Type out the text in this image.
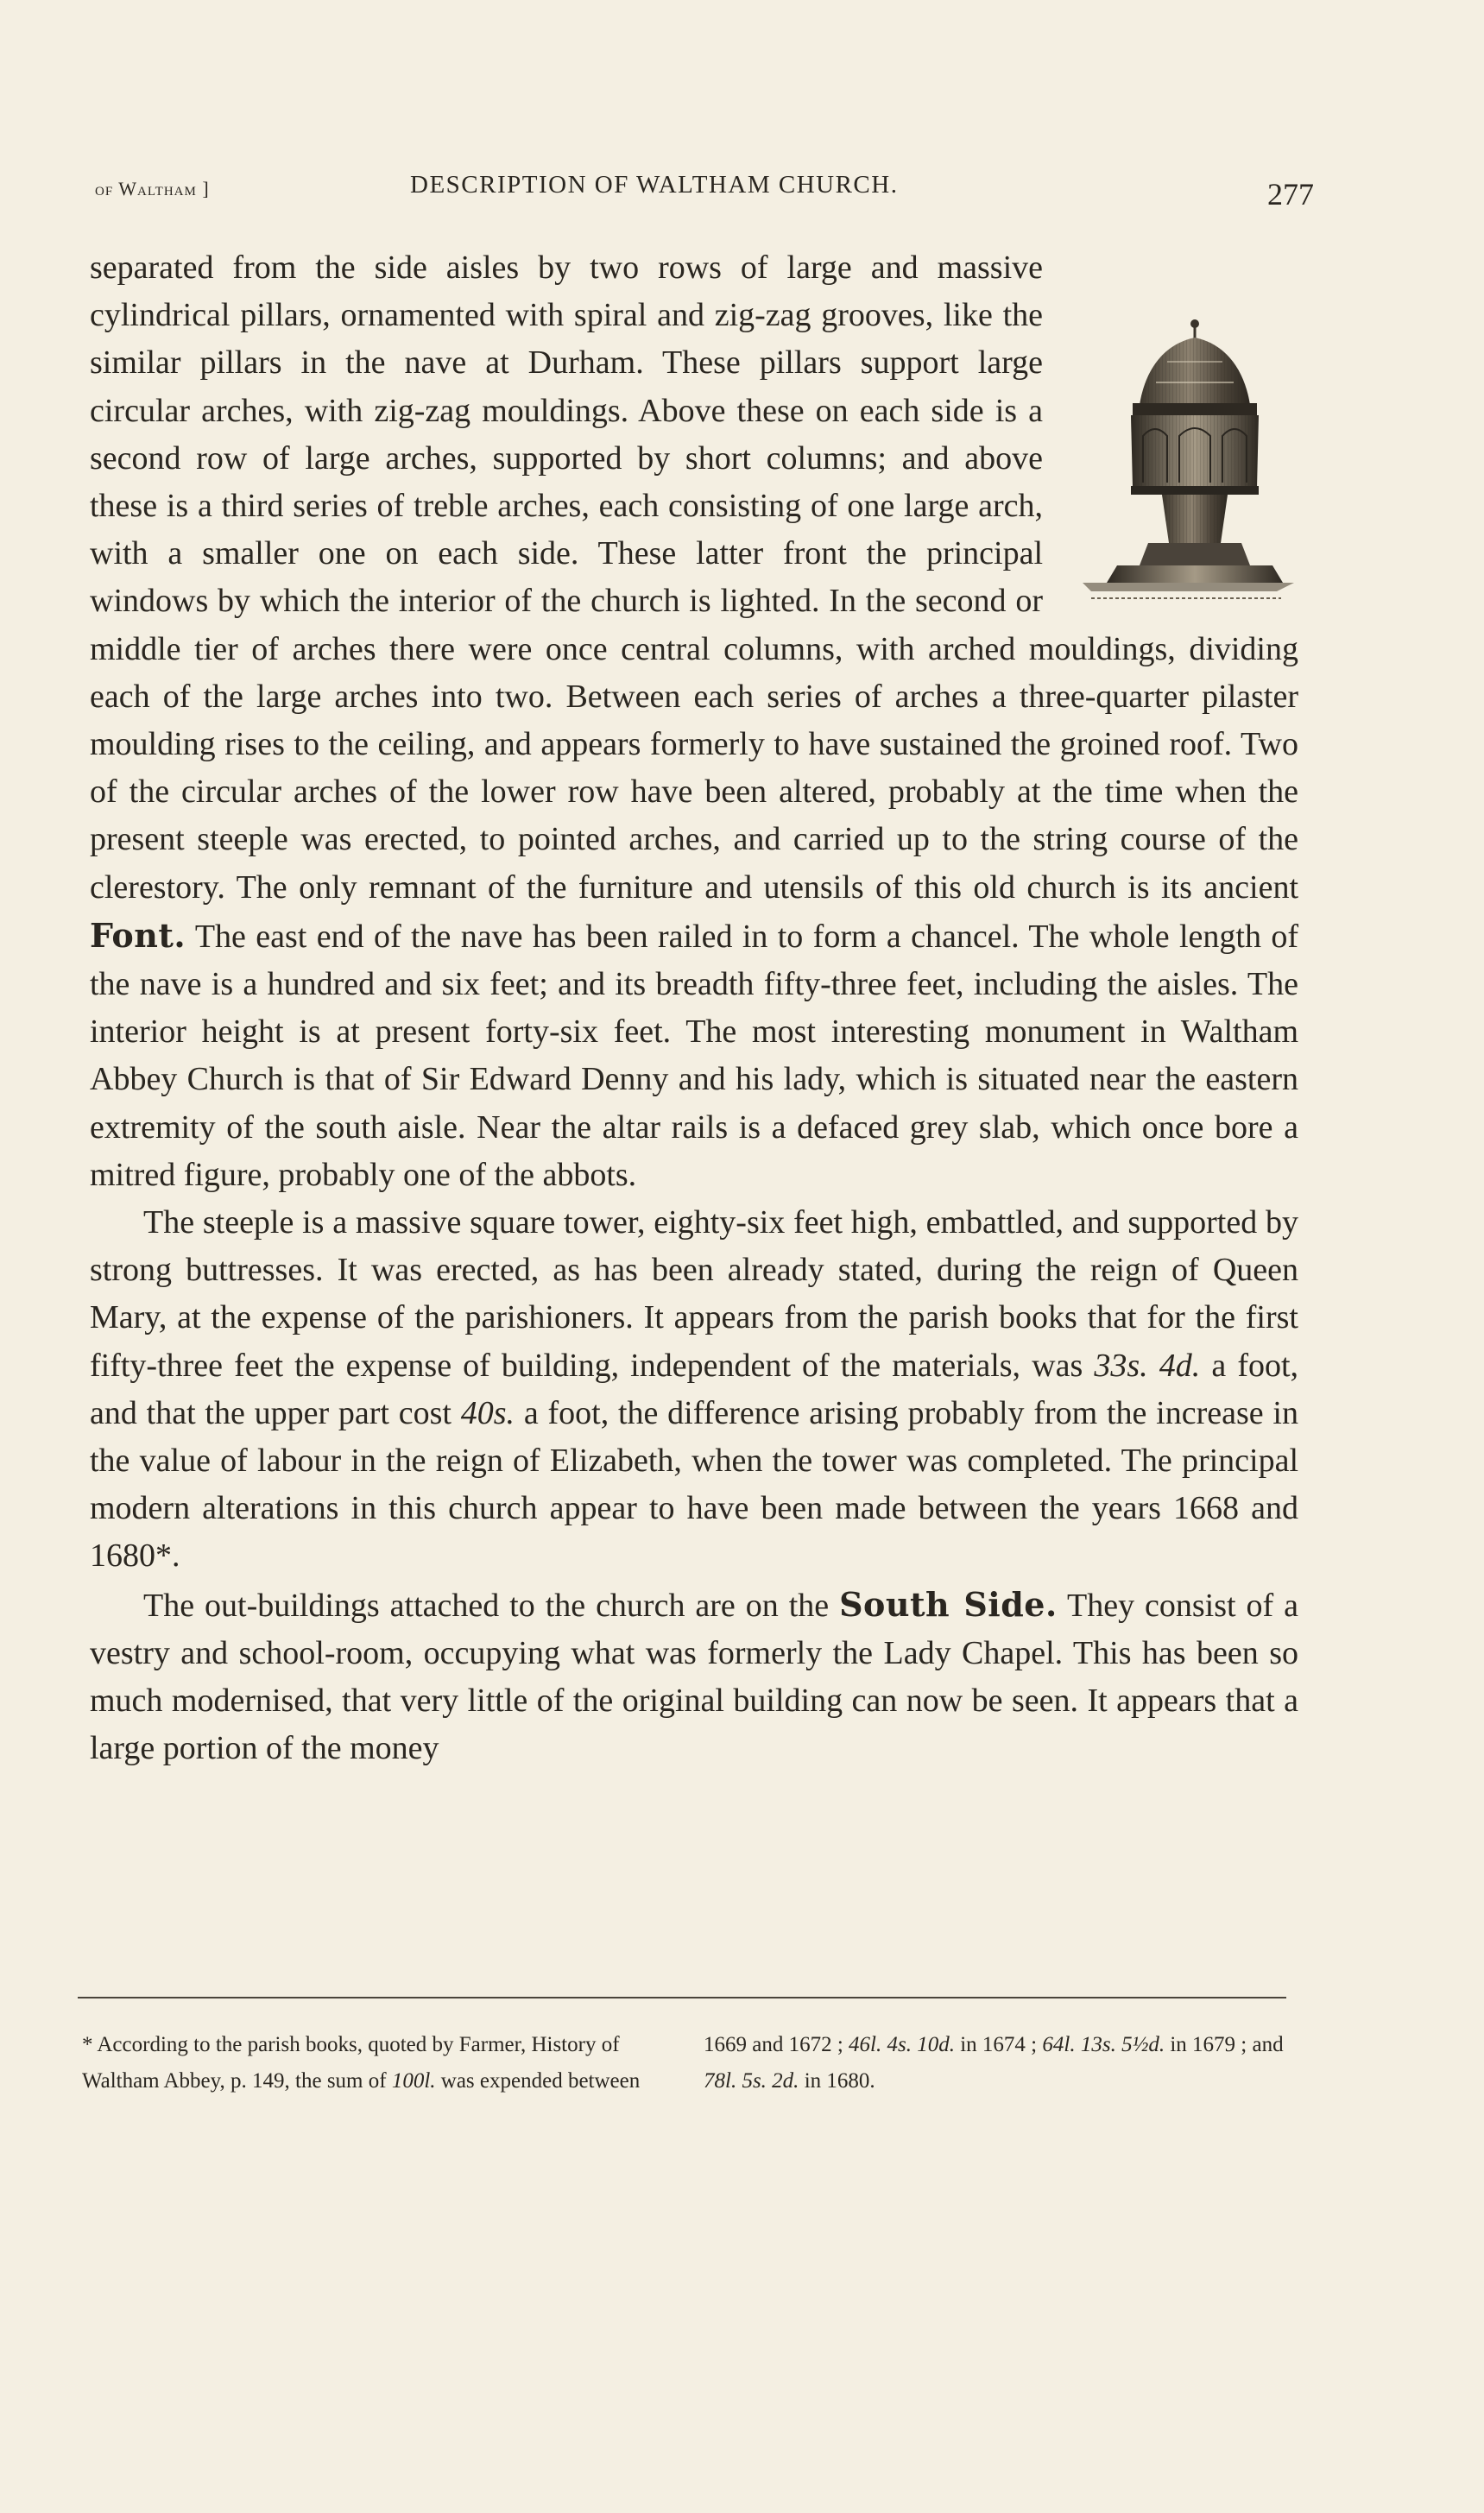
of Waltham ]	DESCRIPTION OF WALTHAM CHURCH.	277

separated from the side aisles by two rows of large and massive cylindrical pillars, ornamented with spiral and zig-zag grooves, like the similar pillars in the nave at Durham. These pillars support large circular arches, with zig-zag mouldings. Above these on each side is a second row of large arches, supported by short columns; and above these is a third series of treble arches, each consisting of one large arch, with a smaller one on each side. These latter front the principal windows by which the interior of the church is lighted. In the second or middle tier of arches there were once central columns, with arched mouldings, dividing each of the large arches into two. Between each series of arches a three-quarter pilaster moulding rises to the ceiling, and appears formerly to have sustained the groined roof. Two of the circular arches of the lower row have been altered, probably at the time when the present steeple was erected, to pointed arches, and carried up to the string course of the clerestory. The only remnant of the furniture and utensils of this old church is its ancient Font. The east end of the nave has been railed in to form a chancel. The whole length of the nave is a hundred and six feet; and its breadth fifty-three feet, including the aisles. The interior height is at present forty-six feet. The most interesting monument in Waltham Abbey Church is that of Sir Edward Denny and his lady, which is situated near the eastern extremity of the south aisle. Near the altar rails is a defaced grey slab, which once bore a mitred figure, probably one of the abbots.

The steeple is a massive square tower, eighty-six feet high, embattled, and supported by strong buttresses. It was erected, as has been already stated, during the reign of Queen Mary, at the expense of the parishioners. It appears from the parish books that for the first fifty-three feet the expense of building, independent of the materials, was 33s. 4d. a foot, and that the upper part cost 40s. a foot, the difference arising probably from the increase in the value of labour in the reign of Elizabeth, when the tower was completed. The principal modern alterations in this church appear to have been made between the years 1668 and 1680*.

The out-buildings attached to the church are on the South Side. They consist of a vestry and school-room, occupying what was formerly the Lady Chapel. This has been so much modernised, that very little of the original building can now be seen. It appears that a large portion of the money

* According to the parish books, quoted by Farmer, History of Waltham Abbey, p. 149, the sum of 100l. was expended between 1669 and 1672 ; 46l. 4s. 10d. in 1674 ; 64l. 13s. 5½d. in 1679 ; and 78l. 5s. 2d. in 1680.
